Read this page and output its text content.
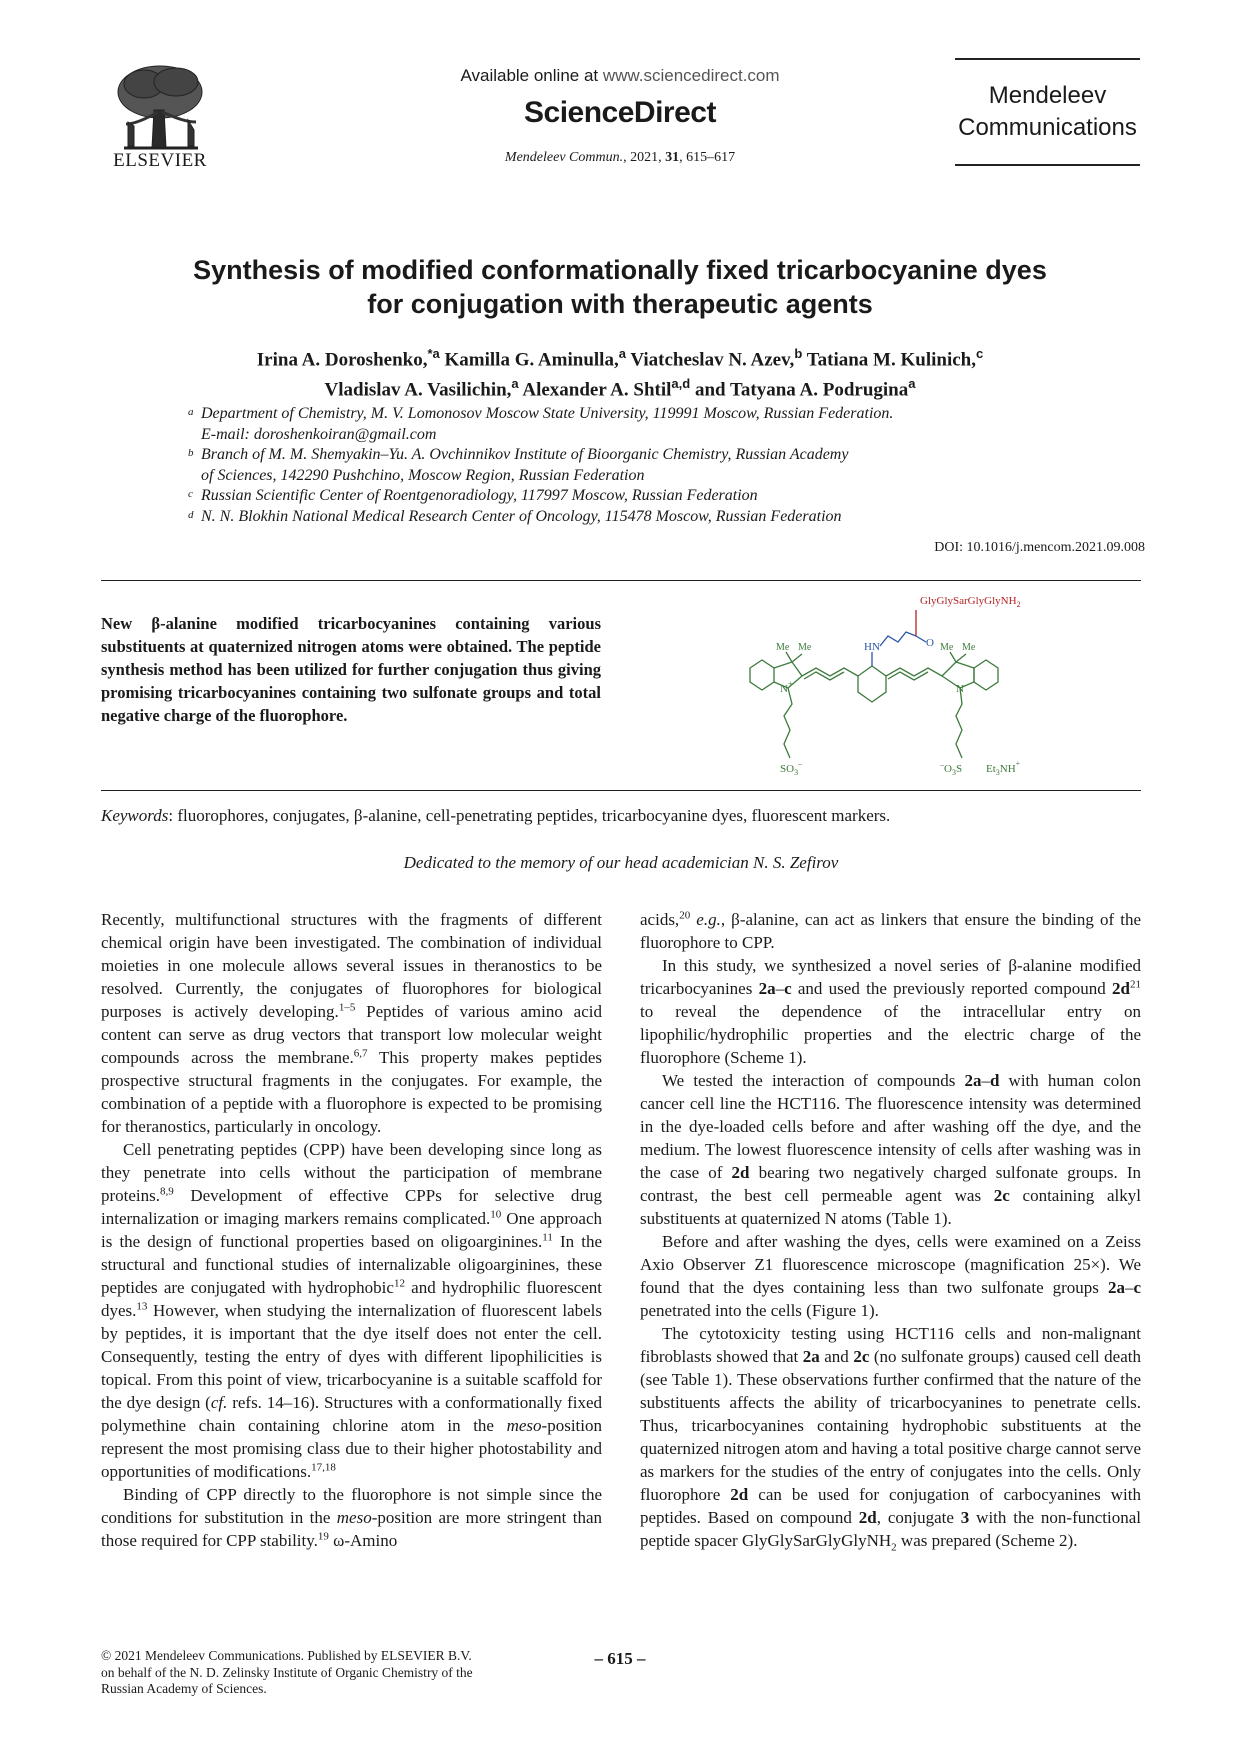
ELSEVIER
Available online at www.sciencedirect.com
ScienceDirect
Mendeleev Commun., 2021, 31, 615–617
Mendeleev
Communications
Synthesis of modified conformationally fixed tricarbocyanine dyes
for conjugation with therapeutic agents
Irina A. Doroshenko,$^{*a}$ Kamilla G. Aminulla,$^a$ Viatcheslav N. Azev,$^b$ Tatiana M. Kulinich,$^c$
Vladislav A. Vasilichin,$^a$ Alexander A. Shtil$^{a,d}$ and Tatyana A. Podrugina$^a$
a Department of Chemistry, M. V. Lomonosov Moscow State University, 119991 Moscow, Russian Federation.
E-mail: doroshenkoiran@gmail.com
b Branch of M. M. Shemyakin–Yu. A. Ovchinnikov Institute of Bioorganic Chemistry, Russian Academy
of Sciences, 142290 Pushchino, Moscow Region, Russian Federation
c Russian Scientific Center of Roentgenoradiology, 117997 Moscow, Russian Federation
d N. N. Blokhin National Medical Research Center of Oncology, 115478 Moscow, Russian Federation
DOI: 10.1016/j.mencom.2021.09.008
New β-alanine modified tricarbocyanines containing various substituents at quaternized nitrogen atoms were obtained. The peptide synthesis method has been utilized for further conjugation thus giving promising tricarbocyanines containing two sulfonate groups and total negative charge of the fluorophore.
GlyGlySarGlyGlyNH$_2$
O
HN
Me Me	Me Me
N+	N
$SO_3^-$	$^-O_3S$ $Et_3NH^+$
Keywords: fluorophores, conjugates, β-alanine, cell-penetrating peptides, tricarbocyanine dyes, fluorescent markers.
Dedicated to the memory of our head academician N. S. Zefirov

Recently, multifunctional structures with the fragments of different chemical origin have been investigated. The combination of individual moieties in one molecule allows several issues in theranostics to be resolved. Currently, the conjugates of fluorophores for biological purposes is actively developing.$^{1-5}$ Peptides of various amino acid content can serve as drug vectors that transport low molecular weight compounds across the membrane.$^{6,7}$ This property makes peptides prospective structural fragments in the conjugates. For example, the combination of a peptide with a fluorophore is expected to be promising for theranostics, particularly in oncology.

Cell penetrating peptides (CPP) have been developing since long as they penetrate into cells without the participation of membrane proteins.$^{8,9}$ Development of effective CPPs for selective drug internalization or imaging markers remains complicated.$^{10}$ One approach is the design of functional properties based on oligoarginines.$^{11}$ In the structural and functional studies of internalizable oligoarginines, these peptides are conjugated with hydrophobic$^{12}$ and hydrophilic fluorescent dyes.$^{13}$ However, when studying the internalization of fluorescent labels by peptides, it is important that the dye itself does not enter the cell. Consequently, testing the entry of dyes with different lipophilicities is topical. From this point of view, tricarbocyanine is a suitable scaffold for the dye design (cf. refs. 14–16). Structures with a conformationally fixed polymethine chain containing chlorine atom in the meso-position represent the most promising class due to their higher photostability and opportunities of modifications.$^{17,18}$

Binding of CPP directly to the fluorophore is not simple since the conditions for substitution in the meso-position are more stringent than those required for CPP stability.$^{19}$ ω-Amino

acids,$^{20}$ e.g., β-alanine, can act as linkers that ensure the binding of the fluorophore to CPP.

In this study, we synthesized a novel series of β-alanine modified tricarbocyanines 2a–c and used the previously reported compound 2d$^{21}$ to reveal the dependence of the intracellular entry on lipophilic/hydrophilic properties and the electric charge of the fluorophore (Scheme 1).

We tested the interaction of compounds 2a–d with human colon cancer cell line the HCT116. The fluorescence intensity was determined in the dye-loaded cells before and after washing off the dye, and the medium. The lowest fluorescence intensity of cells after washing was in the case of 2d bearing two negatively charged sulfonate groups. In contrast, the best cell permeable agent was 2c containing alkyl substituents at quaternized N atoms (Table 1).

Before and after washing the dyes, cells were examined on a Zeiss Axio Observer Z1 fluorescence microscope (magnification 25×). We found that the dyes containing less than two sulfonate groups 2a–c penetrated into the cells (Figure 1).

The cytotoxicity testing using HCT116 cells and non-malignant fibroblasts showed that 2a and 2c (no sulfonate groups) caused cell death (see Table 1). These observations further confirmed that the nature of the substituents affects the ability of tricarbocyanines to penetrate cells. Thus, tricarbocyanines containing hydrophobic substituents at the quaternized nitrogen atom and having a total positive charge cannot serve as markers for the studies of the entry of conjugates into the cells. Only fluorophore 2d can be used for conjugation of carbocyanines with peptides. Based on compound 2d, conjugate 3 with the non-functional peptide spacer GlyGlySarGlyGlyNH$_2$ was prepared (Scheme 2).

© 2021 Mendeleev Communications. Published by ELSEVIER B.V.
on behalf of the N. D. Zelinsky Institute of Organic Chemistry of the
Russian Academy of Sciences.
– 615 –
